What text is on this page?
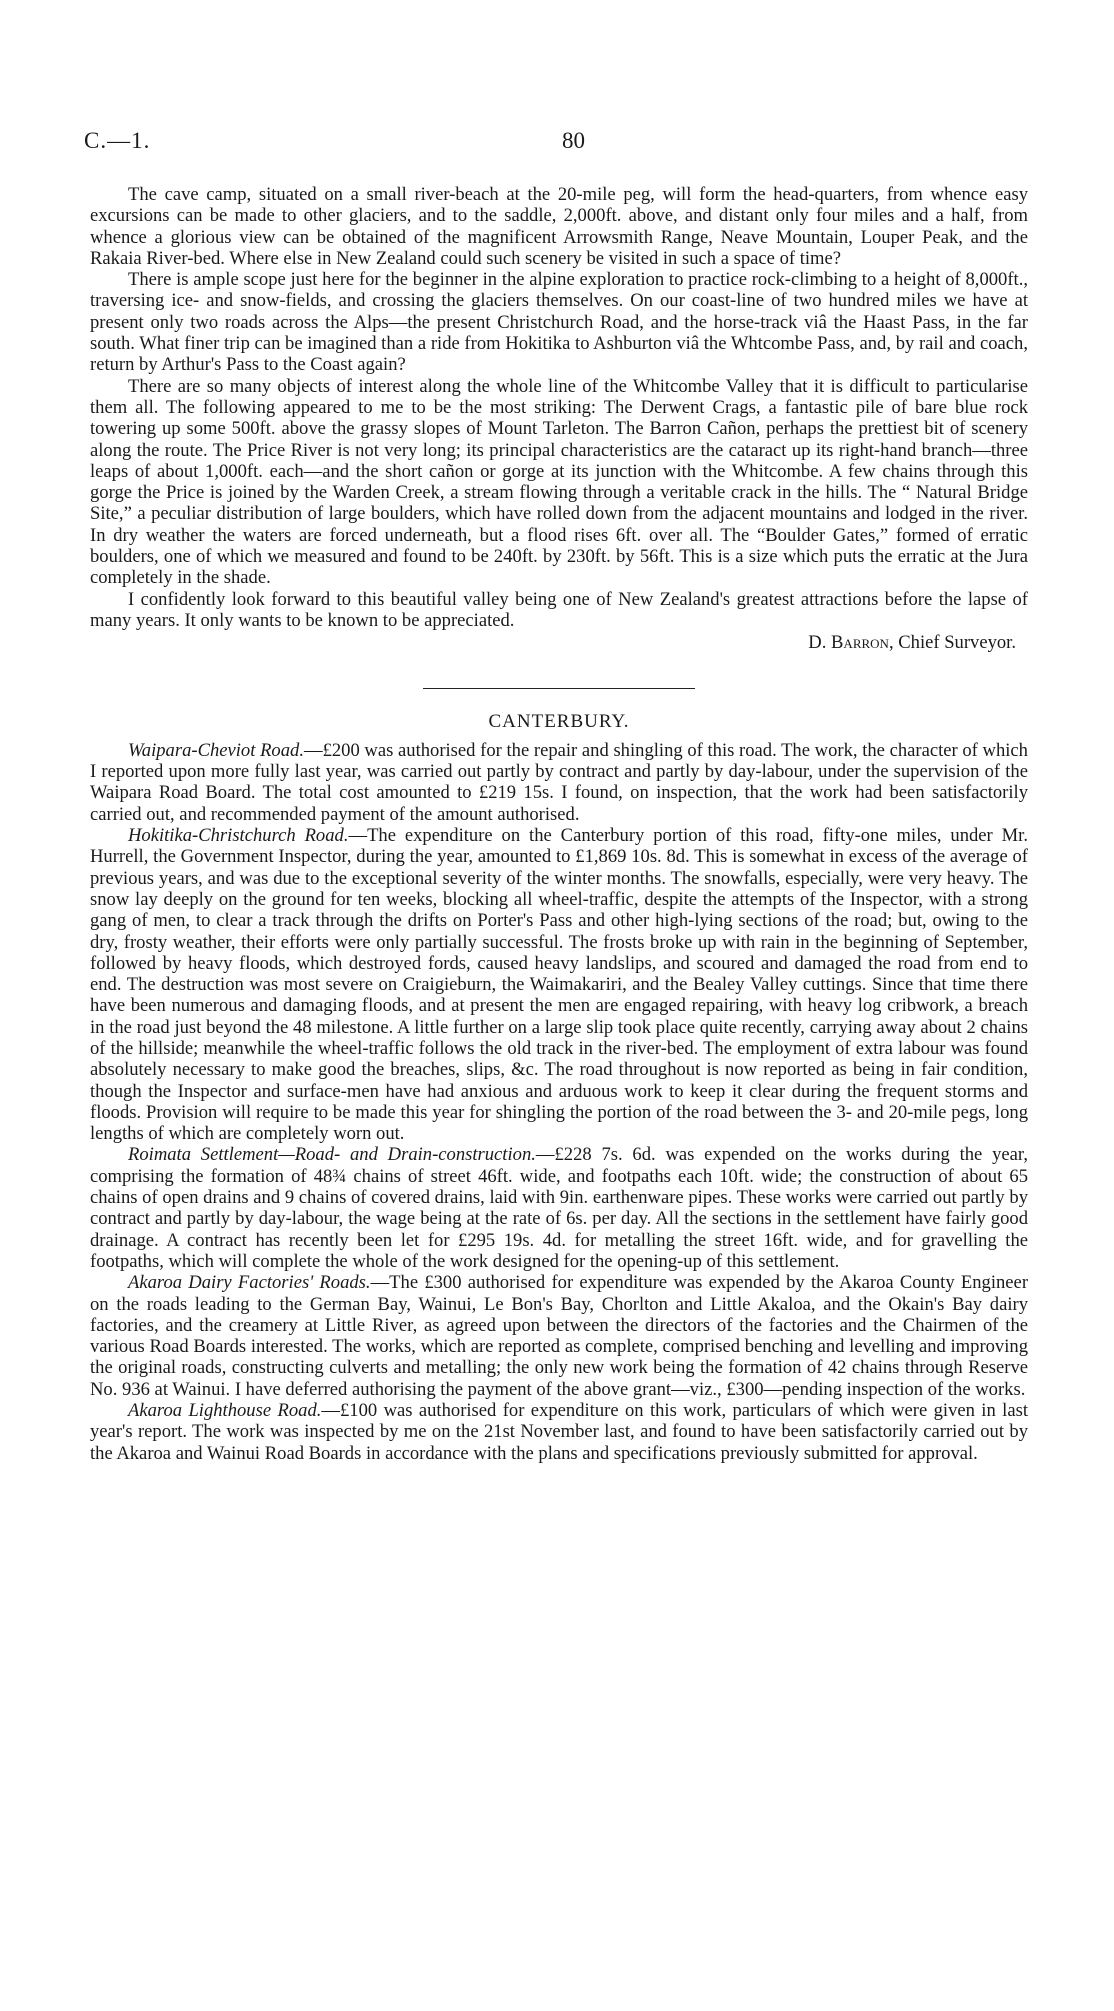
C.—1.	80

The cave camp, situated on a small river-beach at the 20-mile peg, will form the head-quarters, from whence easy excursions can be made to other glaciers, and to the saddle, 2,000ft. above, and distant only four miles and a half, from whence a glorious view can be obtained of the magnificent Arrowsmith Range, Neave Mountain, Louper Peak, and the Rakaia River-bed. Where else in New Zealand could such scenery be visited in such a space of time?

There is ample scope just here for the beginner in the alpine exploration to practice rock-climbing to a height of 8,000ft., traversing ice- and snow-fields, and crossing the glaciers themselves. On our coast-line of two hundred miles we have at present only two roads across the Alps—the present Christchurch Road, and the horse-track viâ the Haast Pass, in the far south. What finer trip can be imagined than a ride from Hokitika to Ashburton viâ the Whtcombe Pass, and, by rail and coach, return by Arthur's Pass to the Coast again?

There are so many objects of interest along the whole line of the Whitcombe Valley that it is difficult to particularise them all. The following appeared to me to be the most striking: The Derwent Crags, a fantastic pile of bare blue rock towering up some 500ft. above the grassy slopes of Mount Tarleton. The Barron Cañon, perhaps the prettiest bit of scenery along the route. The Price River is not very long; its principal characteristics are the cataract up its right-hand branch—three leaps of about 1,000ft. each—and the short cañon or gorge at its junction with the Whitcombe. A few chains through this gorge the Price is joined by the Warden Creek, a stream flowing through a veritable crack in the hills. The “ Natural Bridge Site,” a peculiar distribution of large boulders, which have rolled down from the adjacent mountains and lodged in the river. In dry weather the waters are forced underneath, but a flood rises 6ft. over all. The “Boulder Gates,” formed of erratic boulders, one of which we measured and found to be 240ft. by 230ft. by 56ft. This is a size which puts the erratic at the Jura completely in the shade.

I confidently look forward to this beautiful valley being one of New Zealand's greatest attractions before the lapse of many years. It only wants to be known to be appreciated.

D. Barron, Chief Surveyor.
CANTERBURY.

Waipara-Cheviot Road.—£200 was authorised for the repair and shingling of this road. The work, the character of which I reported upon more fully last year, was carried out partly by contract and partly by day-labour, under the supervision of the Waipara Road Board. The total cost amounted to £219 15s. I found, on inspection, that the work had been satisfactorily carried out, and recommended payment of the amount authorised.

Hokitika-Christchurch Road.—The expenditure on the Canterbury portion of this road, fifty-one miles, under Mr. Hurrell, the Government Inspector, during the year, amounted to £1,869 10s. 8d. This is somewhat in excess of the average of previous years, and was due to the exceptional severity of the winter months. The snowfalls, especially, were very heavy. The snow lay deeply on the ground for ten weeks, blocking all wheel-traffic, despite the attempts of the Inspector, with a strong gang of men, to clear a track through the drifts on Porter's Pass and other high-lying sections of the road; but, owing to the dry, frosty weather, their efforts were only partially successful. The frosts broke up with rain in the beginning of September, followed by heavy floods, which destroyed fords, caused heavy landslips, and scoured and damaged the road from end to end. The destruction was most severe on Craigieburn, the Waimakariri, and the Bealey Valley cuttings. Since that time there have been numerous and damaging floods, and at present the men are engaged repairing, with heavy log cribwork, a breach in the road just beyond the 48 milestone. A little further on a large slip took place quite recently, carrying away about 2 chains of the hillside; meanwhile the wheel-traffic follows the old track in the river-bed. The employment of extra labour was found absolutely necessary to make good the breaches, slips, &c. The road throughout is now reported as being in fair condition, though the Inspector and surface-men have had anxious and arduous work to keep it clear during the frequent storms and floods. Provision will require to be made this year for shingling the portion of the road between the 3- and 20-mile pegs, long lengths of which are completely worn out.

Roimata Settlement—Road- and Drain-construction.—£228 7s. 6d. was expended on the works during the year, comprising the formation of 48¾ chains of street 46ft. wide, and footpaths each 10ft. wide; the construction of about 65 chains of open drains and 9 chains of covered drains, laid with 9in. earthenware pipes. These works were carried out partly by contract and partly by day-labour, the wage being at the rate of 6s. per day. All the sections in the settlement have fairly good drainage. A contract has recently been let for £295 19s. 4d. for metalling the street 16ft. wide, and for gravelling the footpaths, which will complete the whole of the work designed for the opening-up of this settlement.

Akaroa Dairy Factories' Roads.—The £300 authorised for expenditure was expended by the Akaroa County Engineer on the roads leading to the German Bay, Wainui, Le Bon's Bay, Chorlton and Little Akaloa, and the Okain's Bay dairy factories, and the creamery at Little River, as agreed upon between the directors of the factories and the Chairmen of the various Road Boards interested. The works, which are reported as complete, comprised benching and levelling and improving the original roads, constructing culverts and metalling; the only new work being the formation of 42 chains through Reserve No. 936 at Wainui. I have deferred authorising the payment of the above grant—viz., £300—pending inspection of the works.

Akaroa Lighthouse Road.—£100 was authorised for expenditure on this work, particulars of which were given in last year's report. The work was inspected by me on the 21st November last, and found to have been satisfactorily carried out by the Akaroa and Wainui Road Boards in accordance with the plans and specifications previously submitted for approval.
